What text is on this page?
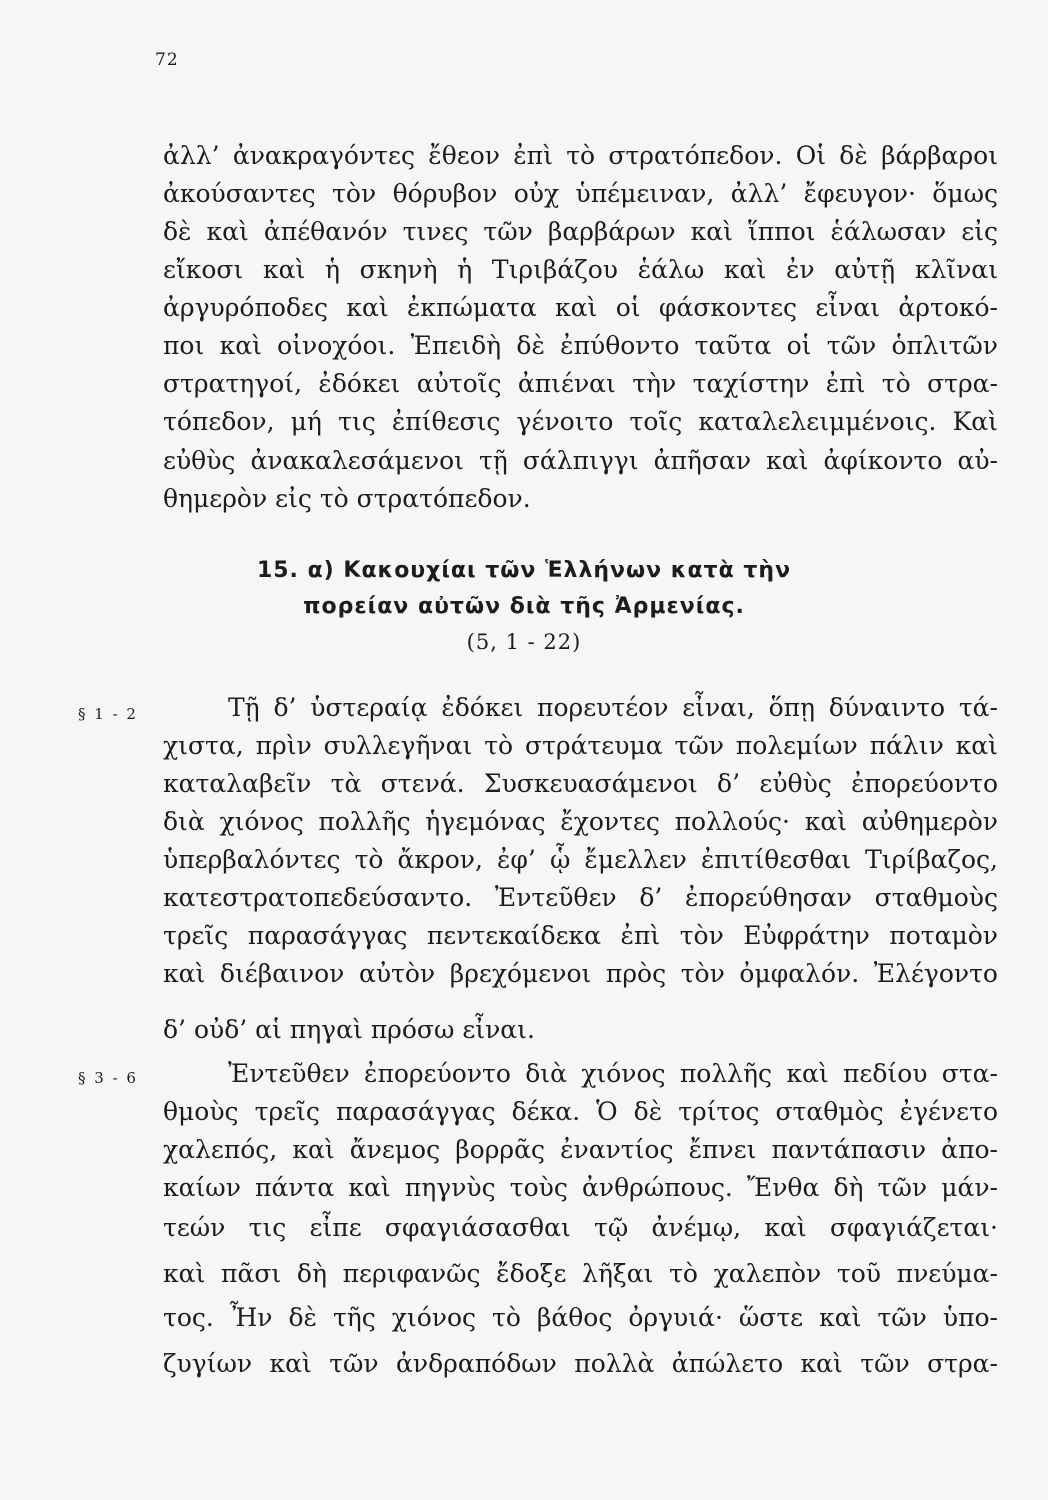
72
ἀλλ’ ἀνακραγόντες ἔθεον ἐπὶ τὸ στρατόπεδον. Οἱ δὲ βάρβαροι
ἀκούσαντες τὸν θόρυβον οὐχ ὑπέμειναν, ἀλλ’ ἔφευγον· ὅμως
δὲ καὶ ἀπέθανόν τινες τῶν βαρβάρων καὶ ἵπποι ἑάλωσαν εἰς
εἴκοσι καὶ ἡ σκηνὴ ἡ Τιριβάζου ἑάλω καὶ ἐν αὐτῇ κλῖναι
ἀργυρόποδες καὶ ἐκπώματα καὶ οἱ φάσκοντες εἶναι ἀρτοκό-
ποι καὶ οἰνοχόοι. Ἐπειδὴ δὲ ἐπύθοντο ταῦτα οἱ τῶν ὁπλιτῶν
στρατηγοί, ἐδόκει αὐτοῖς ἀπιέναι τὴν ταχίστην ἐπὶ τὸ στρα-
τόπεδον, μή τις ἐπίθεσις γένοιτο τοῖς καταλελειμμένοις. Καὶ
εὐθὺς ἀνακαλεσάμενοι τῇ σάλπιγγι ἀπῆσαν καὶ ἀφίκοντο αὐ-
θημερὸν εἰς τὸ στρατόπεδον.
15. α) Κακουχίαι τῶν Ἑλλήνων κατὰ τὴν
πορείαν αὐτῶν διὰ τῆς Ἀρμενίας.
(5, 1 - 22)
§ 1 - 2
§ 3 - 6
Τῇ δ’ ὑστεραίᾳ ἐδόκει πορευτέον εἶναι, ὅπῃ δύναιντο τά-
χιστα, πρὶν συλλεγῆναι τὸ στράτευμα τῶν πολεμίων πάλιν καὶ
καταλαβεῖν τὰ στενά. Συσκευασάμενοι δ’ εὐθὺς ἐπορεύοντο
διὰ χιόνος πολλῆς ἡγεμόνας ἔχοντες πολλούς· καὶ αὐθημερὸν
ὑπερβαλόντες τὸ ἄκρον, ἐφ’ ᾧ ἔμελλεν ἐπιτίθεσθαι Τιρίβαζος,
κατεστρατοπεδεύσαντο. Ἐντεῦθεν δ’ ἐπορεύθησαν σταθμοὺς
τρεῖς παρασάγγας πεντεκαίδεκα ἐπὶ τὸν Εὐφράτην ποταμὸν
καὶ διέβαινον αὐτὸν βρεχόμενοι πρὸς τὸν ὀμφαλόν. Ἐλέγοντο
δ’ οὐδ’ αἱ πηγαὶ πρόσω εἶναι.
Ἐντεῦθεν ἐπορεύοντο διὰ χιόνος πολλῆς καὶ πεδίου στα-
θμοὺς τρεῖς παρασάγγας δέκα. Ὁ δὲ τρίτος σταθμὸς ἐγένετο
χαλεπός, καὶ ἄνεμος βορρᾶς ἐναντίος ἔπνει παντάπασιν ἀπο-
καίων πάντα καὶ πηγνὺς τοὺς ἀνθρώπους. Ἔνθα δὴ τῶν μάν-
τεών τις εἶπε σφαγιάσασθαι τῷ ἀνέμῳ, καὶ σφαγιάζεται·
καὶ πᾶσι δὴ περιφανῶς ἔδοξε λῆξαι τὸ χαλεπὸν τοῦ πνεύμα-
τος. Ἦν δὲ τῆς χιόνος τὸ βάθος ὀργυιά· ὥστε καὶ τῶν ὑπο-
ζυγίων καὶ τῶν ἀνδραπόδων πολλὰ ἀπώλετο καὶ τῶν στρα-
